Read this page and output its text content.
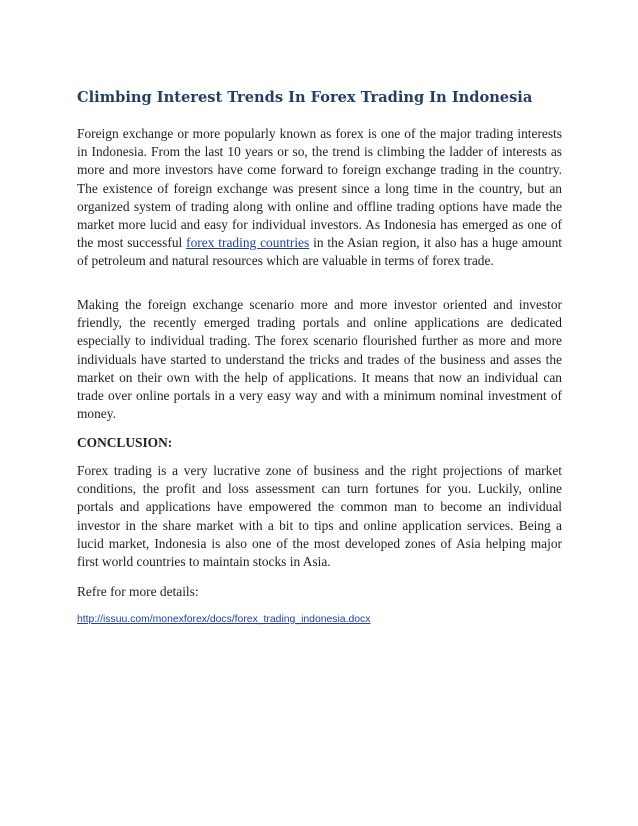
Climbing Interest Trends In Forex Trading In Indonesia

Foreign exchange or more popularly known as forex is one of the major trading interests in Indonesia. From the last 10 years or so, the trend is climbing the ladder of interests as more and more investors have come forward to foreign exchange trading in the country. The existence of foreign exchange was present since a long time in the country, but an organized system of trading along with online and offline trading options have made the market more lucid and easy for individual investors. As Indonesia has emerged as one of the most successful forex trading countries in the Asian region, it also has a huge amount of petroleum and natural resources which are valuable in terms of forex trade.

Making the foreign exchange scenario more and more investor oriented and investor friendly, the recently emerged trading portals and online applications are dedicated especially to individual trading. The forex scenario flourished further as more and more individuals have started to understand the tricks and trades of the business and asses the market on their own with the help of applications. It means that now an individual can trade over online portals in a very easy way and with a minimum nominal investment of money.

CONCLUSION:

Forex trading is a very lucrative zone of business and the right projections of market conditions, the profit and loss assessment can turn fortunes for you. Luckily, online portals and applications have empowered the common man to become an individual investor in the share market with a bit to tips and online application services. Being a lucid market, Indonesia is also one of the most developed zones of Asia helping major first world countries to maintain stocks in Asia.

Refre for more details:

http://issuu.com/monexforex/docs/forex_trading_indonesia.docx
